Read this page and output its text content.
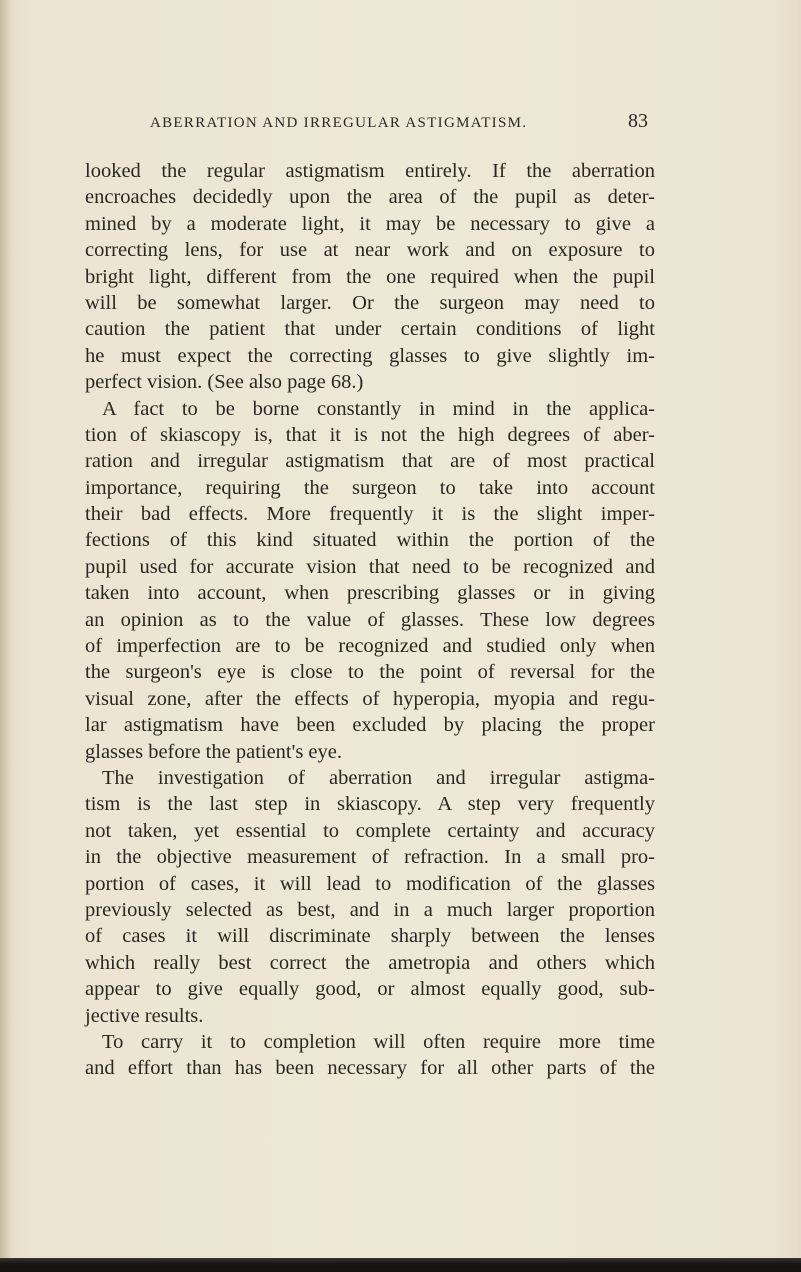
ABERRATION AND IRREGULAR ASTIGMATISM.	83
looked the regular astigmatism entirely. If the aberration
encroaches decidedly upon the area of the pupil as deter-
mined by a moderate light, it may be necessary to give a
correcting lens, for use at near work and on exposure to
bright light, different from the one required when the pupil
will be somewhat larger. Or the surgeon may need to
caution the patient that under certain conditions of light
he must expect the correcting glasses to give slightly im-
perfect vision. (See also page 68.)
A fact to be borne constantly in mind in the applica-
tion of skiascopy is, that it is not the high degrees of aber-
ration and irregular astigmatism that are of most practical
importance, requiring the surgeon to take into account
their bad effects. More frequently it is the slight imper-
fections of this kind situated within the portion of the
pupil used for accurate vision that need to be recognized and
taken into account, when prescribing glasses or in giving
an opinion as to the value of glasses. These low degrees
of imperfection are to be recognized and studied only when
the surgeon's eye is close to the point of reversal for the
visual zone, after the effects of hyperopia, myopia and regu-
lar astigmatism have been excluded by placing the proper
glasses before the patient's eye.
The investigation of aberration and irregular astigma-
tism is the last step in skiascopy. A step very frequently
not taken, yet essential to complete certainty and accuracy
in the objective measurement of refraction. In a small pro-
portion of cases, it will lead to modification of the glasses
previously selected as best, and in a much larger proportion
of cases it will discriminate sharply between the lenses
which really best correct the ametropia and others which
appear to give equally good, or almost equally good, sub-
jective results.
To carry it to completion will often require more time
and effort than has been necessary for all other parts of the
